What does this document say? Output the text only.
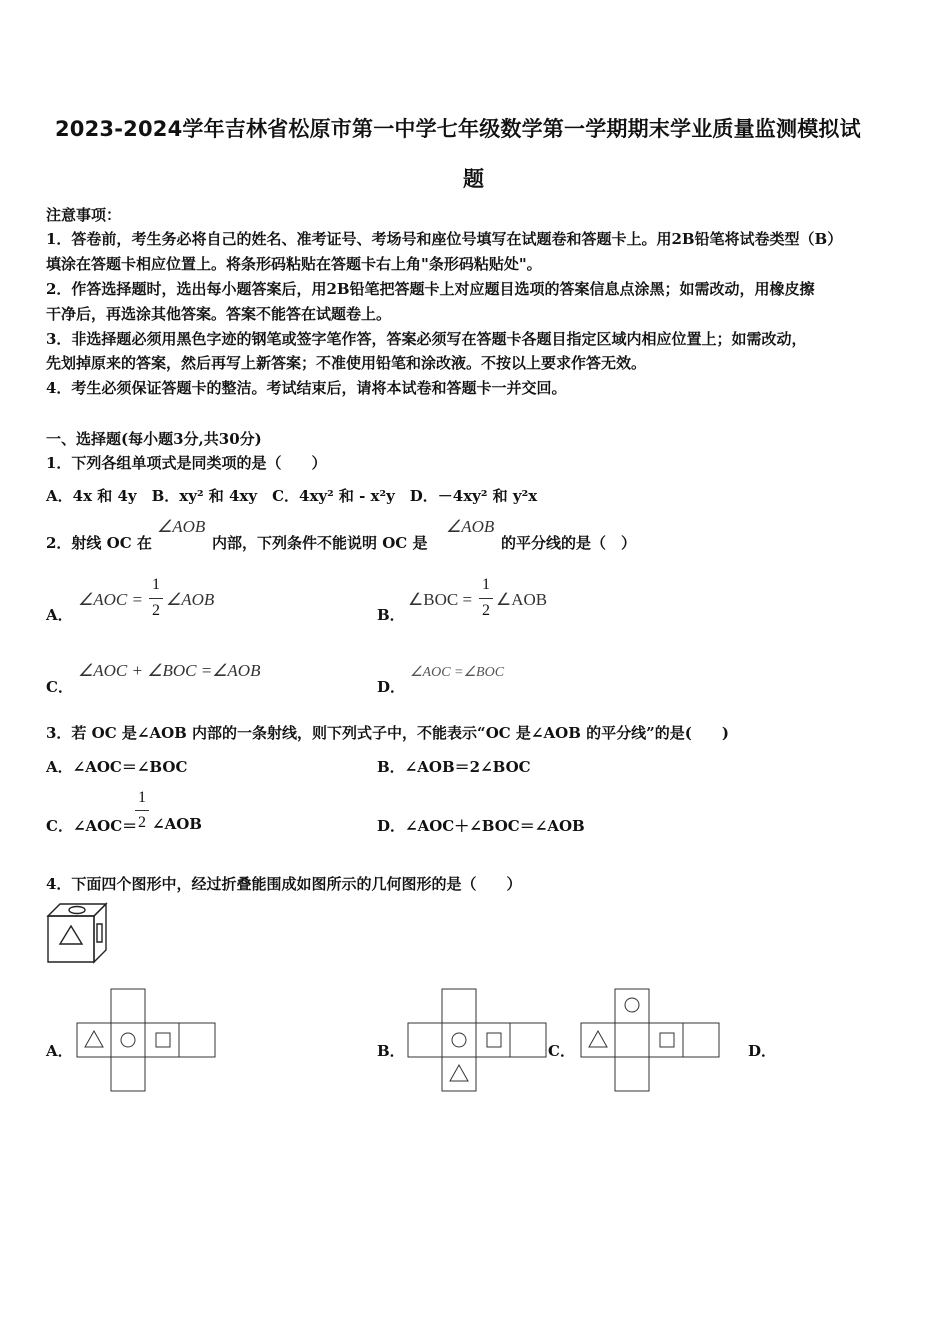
2023-2024学年吉林省松原市第一中学七年级数学第一学期期末学业质量监测模拟试
题
注意事项：
1．答卷前，考生务必将自己的姓名、准考证号、考场号和座位号填写在试题卷和答题卡上。用2B铅笔将试卷类型（B）
填涂在答题卡相应位置上。将条形码粘贴在答题卡右上角"条形码粘贴处"。
2．作答选择题时，选出每小题答案后，用2B铅笔把答题卡上对应题目选项的答案信息点涂黑；如需改动，用橡皮擦
干净后，再选涂其他答案。答案不能答在试题卷上。
3．非选择题必须用黑色字迹的钢笔或签字笔作答，答案必须写在答题卡各题目指定区域内相应位置上；如需改动，
先划掉原来的答案，然后再写上新答案；不准使用铅笔和涂改液。不按以上要求作答无效。
4．考生必须保证答题卡的整洁。考试结束后，请将本试卷和答题卡一并交回。
一、选择题(每小题3分,共30分)
1．下列各组单项式是同类项的是（　　）
A．4x 和 4y　B．xy² 和 4xy　C．4xy² 和 - x²y　D．－4xy² 和 y²x
2．射线 OC 在
∠AOB
内部，下列条件不能说明 OC 是
∠AOB
的平分线的是（　）
A．
∠AOC =
1
2
∠AOB
B．
∠BOC =
1
2
∠AOB
C．
∠AOC + ∠BOC =∠AOB
D．
∠AOC =∠BOC
3．若 OC 是∠AOB 内部的一条射线，则下列式子中，不能表示“OC 是∠AOB 的平分线”的是(　　)
A．∠AOC＝∠BOC	B．∠AOB＝2∠BOC
C．∠AOC＝
1
2 ∠AOB	D．∠AOC＋∠BOC＝∠AOB
4．下面四个图形中，经过折叠能围成如图所示的几何图形的是（　　）
A．	B．	C．	D．
